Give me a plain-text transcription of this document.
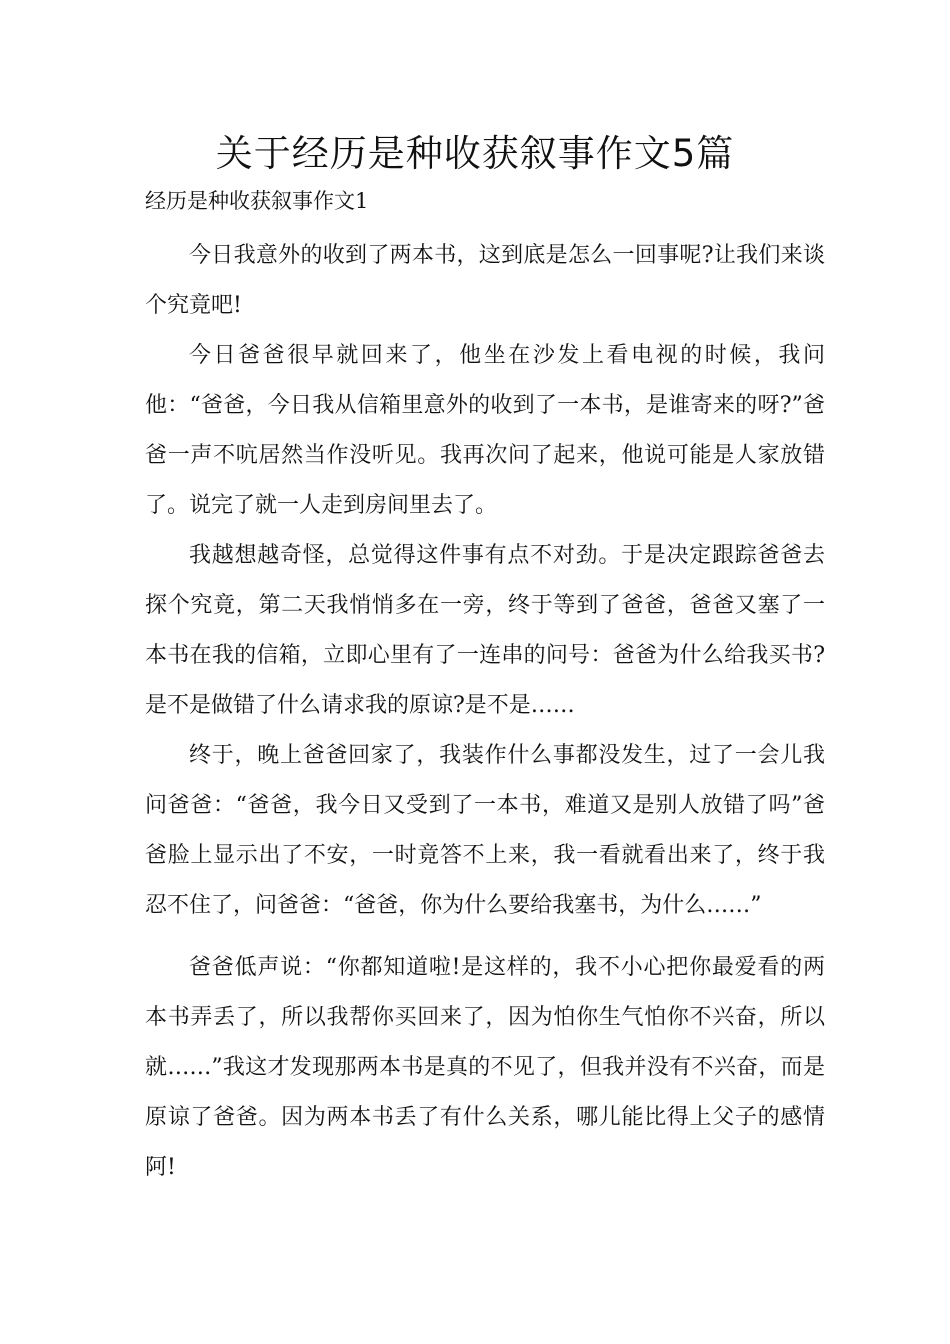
关于经历是种收获叙事作文5篇
经历是种收获叙事作文1

今日我意外的收到了两本书，这到底是怎么一回事呢?让我们来谈个究竟吧!

今日爸爸很早就回来了，他坐在沙发上看电视的时候，我问他：“爸爸，今日我从信箱里意外的收到了一本书，是谁寄来的呀?”爸爸一声不吭居然当作没听见。我再次问了起来，他说可能是人家放错了。说完了就一人走到房间里去了。

我越想越奇怪，总觉得这件事有点不对劲。于是决定跟踪爸爸去探个究竟，第二天我悄悄多在一旁，终于等到了爸爸，爸爸又塞了一本书在我的信箱，立即心里有了一连串的问号：爸爸为什么给我买书?是不是做错了什么请求我的原谅?是不是……

终于，晚上爸爸回家了，我装作什么事都没发生，过了一会儿我问爸爸：“爸爸，我今日又受到了一本书，难道又是别人放错了吗”爸爸脸上显示出了不安，一时竟答不上来，我一看就看出来了，终于我忍不住了，问爸爸：“爸爸，你为什么要给我塞书，为什么……”

爸爸低声说：“你都知道啦!是这样的，我不小心把你最爱看的两本书弄丢了，所以我帮你买回来了，因为怕你生气怕你不兴奋，所以就……”我这才发现那两本书是真的不见了，但我并没有不兴奋，而是原谅了爸爸。因为两本书丢了有什么关系，哪儿能比得上父子的感情阿!
